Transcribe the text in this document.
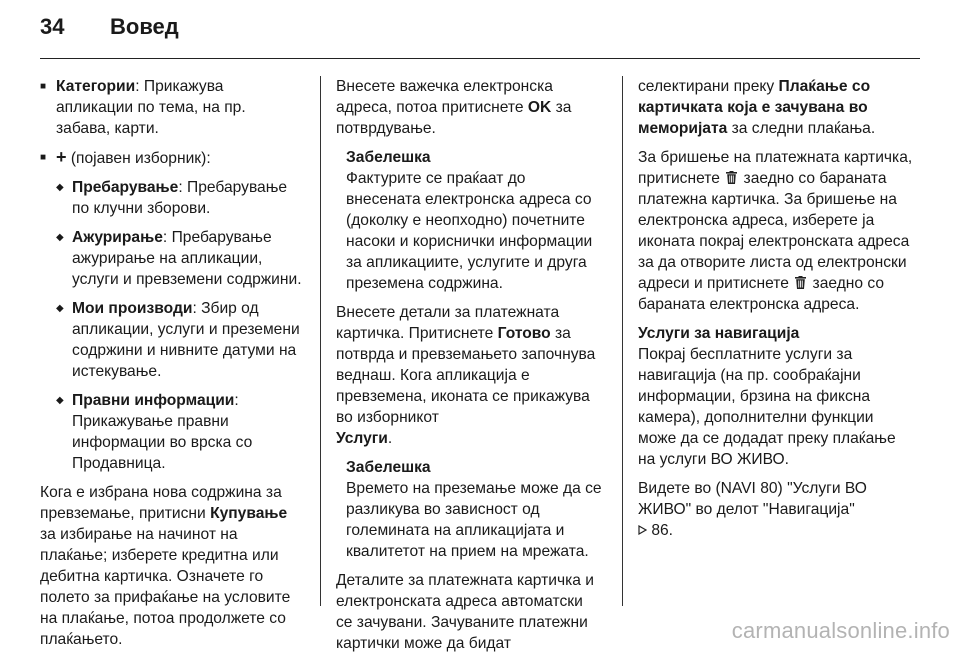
34	Вовед
■ Категории: Прикажува апликации по тема, на пр. забава, карти.
■ + (појавен изборник):
◆ Пребарување: Пребарување по клучни зборови.
◆ Ажурирање: Пребарување ажурирање на апликации, услуги и превземени содржини.
◆ Мои производи: Збир од апликации, услуги и преземени содржини и нивните датуми на истекување.
◆ Правни информации: Прикажување правни информации во врска со Продавница.

Кога е избрана нова содржина за превземање, притисни Купување за избирање на начинот на плаќање; изберете кредитна или дебитна картичка. Означете го полето за прифаќање на условите на плаќање, потоа продолжете со плаќањето.

Внесете важечка електронска адреса, потоа притиснете OK за потврдување.

Забелешка
Фактурите се праќаат до внесената електронска адреса со (доколку е неопходно) почетните насоки и кориснички информации за апликациите, услугите и друга преземена содржина.

Внесете детали за платежната картичка. Притиснете Готово за потврда и превземањето започнува веднаш. Кога апликација е превземена, иконата се прикажува во изборникот
Услуги.

Забелешка
Времето на преземање може да се разликува во зависност од големината на апликацијата и квалитетот на прием на мрежата.

Деталите за платежната картичка и електронската адреса автоматски се зачувани. Зачуваните платежни картички може да бидат

селектирани преку Плаќање со картичката која е зачувана во меморијата за следни плаќања.

За бришење на платежната картичка, притиснете
заедно со бараната платежна картичка. За бришење на електронска адреса, изберете ја иконата покрај електронската адреса за да отворите листа од електронски адреси и притиснете
заедно со бараната електронска адреса.

Услуги за навигација

Покрај бесплатните услуги за навигација (на пр. сообраќајни информации, брзина на фиксна камера), дополнителни функции може да се додадат преку плаќање на услуги ВО ЖИВО.

Видете во (NAVI 80) "Услуги ВО ЖИВО" во делот "Навигација"

86.

carmanualsonline.info
